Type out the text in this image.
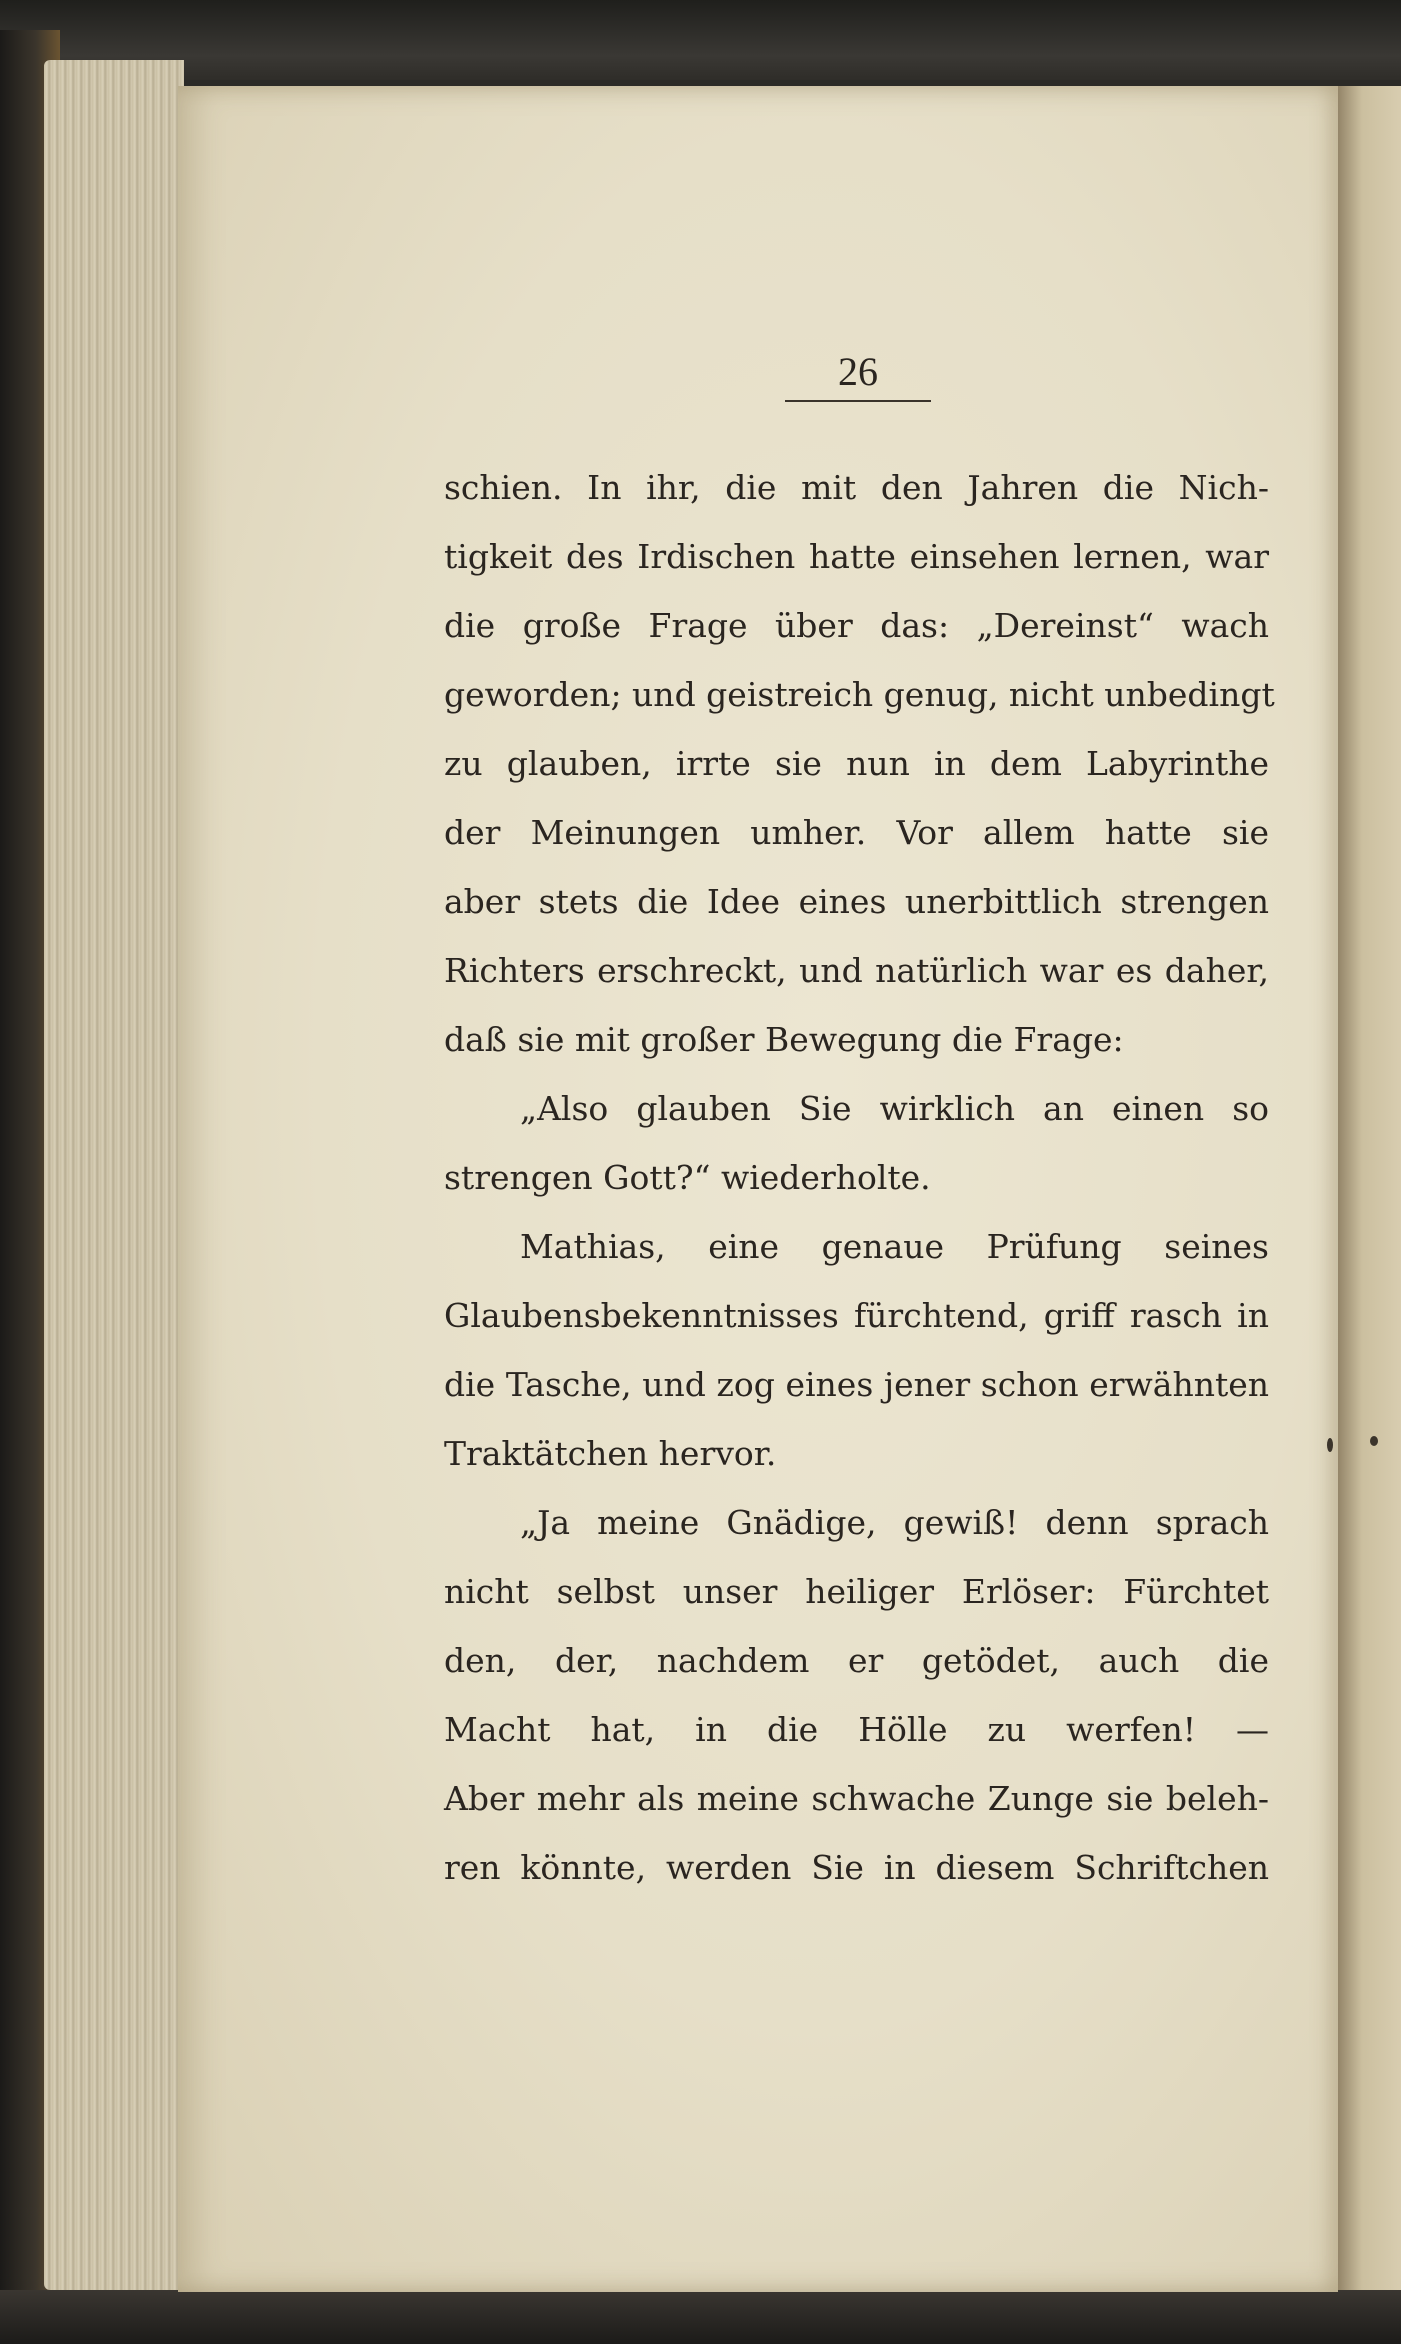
26
schien. In ihr, die mit den Jahren die Nich-
tigkeit des Irdischen hatte einsehen lernen, war
die große Frage über das: „Dereinst“ wach
geworden; und geistreich genug, nicht unbedingt
zu glauben, irrte sie nun in dem Labyrinthe
der Meinungen umher. Vor allem hatte sie
aber stets die Idee eines unerbittlich strengen
Richters erschreckt, und natürlich war es daher,
daß sie mit großer Bewegung die Frage:
„Also glauben Sie wirklich an einen so
strengen Gott?“ wiederholte.
Mathias, eine genaue Prüfung seines
Glaubensbekenntnisses fürchtend, griff rasch in
die Tasche, und zog eines jener schon erwähnten
Traktätchen hervor.
„Ja meine Gnädige, gewiß! denn sprach
nicht selbst unser heiliger Erlöser: Fürchtet
den, der, nachdem er getödet, auch die
Macht hat, in die Hölle zu werfen! —
Aber mehr als meine schwache Zunge sie beleh-
ren könnte, werden Sie in diesem Schriftchen
